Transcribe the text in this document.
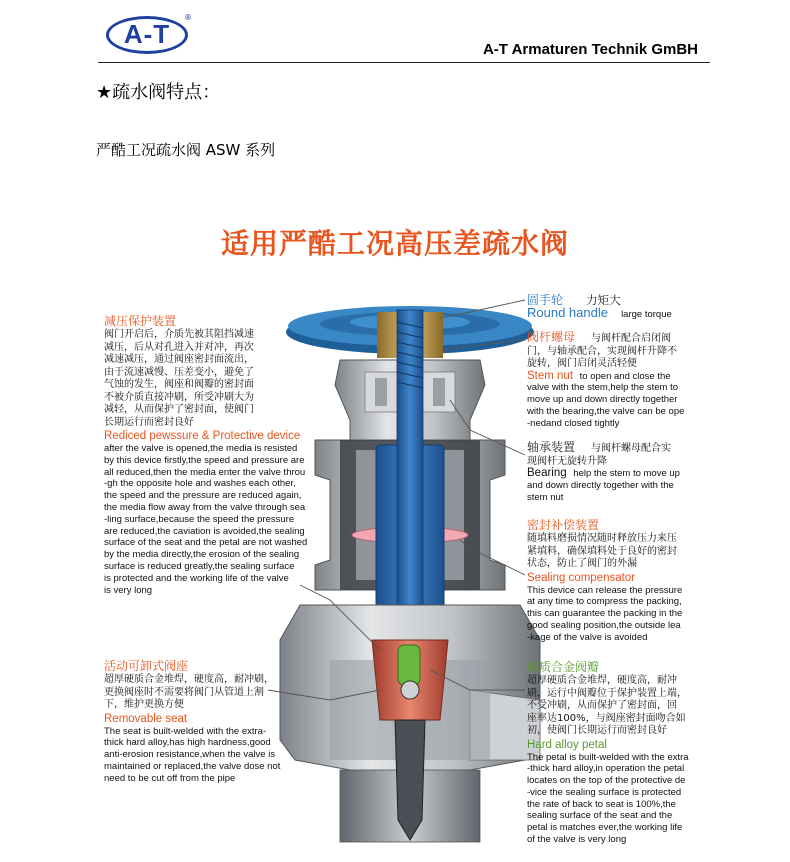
A-T
®
A-T Armaturen Technik GmBH
★疏水阀特点：
严酷工况疏水阀 ASW 系列
适用严酷工况高压差疏水阀
圆手轮 力矩大
Round handle large torque
阀杆螺母 与阀杆配合启闭阀
门，与轴承配合，实现阀杆升降不
旋转，阀门启闭灵活轻便
Stem nut to open and close the
valve with the stem,help the stem to
move up and down directly together
with the bearing,the valve can be ope
-nedand closed tightly
轴承装置 与阀杆螺母配合实
现阀杆无旋转升降
Bearing help the stem to move up
and down directly together with the
stem nut
密封补偿装置
随填料磨损情况随时释放压力来压
紧填料，确保填料处于良好的密封
状态，防止了阀门的外漏
Sealing compensator
This device can release the pressure
at any time to compress the packing,
this can guarantee the packing in the
good sealing position,the outside lea
-kage of the valve is avoided
硬质合金阀瓣
超厚硬质合金堆焊，硬度高，耐冲
刷，运行中阀瓣位于保护装置上端，
不受冲刷，从而保护了密封面，回
座率达100%，与阀座密封面吻合如
初，使阀门长期运行而密封良好
Hard alloy petal
The petal is built-welded with the extra
-thick hard alloy,in operation the petal
locates on the top of the protective de
-vice the sealing surface is protected
the rate of back to seat is 100%,the
sealing surface of the seat and the
petal is matches ever,the working life
of the valve is very long
减压保护装置
阀门开启后，介质先被其阻挡减速
减压，后从对孔进入并对冲，再次
减速减压，通过阀座密封面流出，
由于流速减慢、压差变小，避免了
气蚀的发生，阀座和阀瓣的密封面
不被介质直接冲刷，所受冲刷大为
减轻，从而保护了密封面，使阀门
长期运行而密封良好
Rediced pewssure & Protective device
after the valve is opened,the media is resisted
by this device firstly,the speed and pressure are
all reduced,then the media enter the valve throu
-gh the opposite hole and washes each other,
the speed and the pressure are reduced again,
the media flow away from the valve through sea
-ling surface,because the speed the pressure
are reduced,the caviation is avoided,the sealing
surface of the seat and the petal are not washed
by the media directly,the erosion of the sealing
surface is reduced greatly,the sealing surface
is protected and the working life of the valve
is very long
活动可卸式阀座
超厚硬质合金堆焊，硬度高，耐冲刷，
更换阀座时不需要将阀门从管道上割
下，维护更换方便
Removable seat
The seat is built-welded with the extra-
thick hard alloy,has high hardness,good
anti-erosion resistance,when the valve is
maintained or replaced,the valve dose not
need to be cut off from the pipe
